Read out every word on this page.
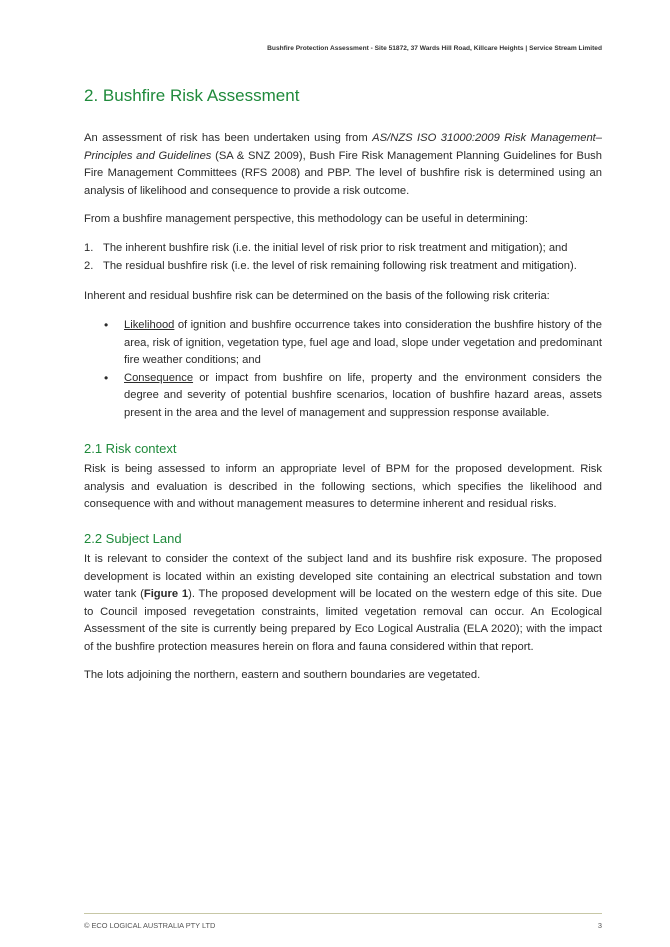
Bushfire Protection Assessment - Site 51872, 37 Wards Hill Road, Killcare Heights | Service Stream Limited
2. Bushfire Risk Assessment

An assessment of risk has been undertaken using from AS/NZS ISO 31000:2009 Risk Management–Principles and Guidelines (SA & SNZ 2009), Bush Fire Risk Management Planning Guidelines for Bush Fire Management Committees (RFS 2008) and PBP. The level of bushfire risk is determined using an analysis of likelihood and consequence to provide a risk outcome.

From a bushfire management perspective, this methodology can be useful in determining:

1. The inherent bushfire risk (i.e. the initial level of risk prior to risk treatment and mitigation); and
2. The residual bushfire risk (i.e. the level of risk remaining following risk treatment and mitigation).

Inherent and residual bushfire risk can be determined on the basis of the following risk criteria:

•	Likelihood of ignition and bushfire occurrence takes into consideration the bushfire history of the area, risk of ignition, vegetation type, fuel age and load, slope under vegetation and predominant fire weather conditions; and
•	Consequence or impact from bushfire on life, property and the environment considers the degree and severity of potential bushfire scenarios, location of bushfire hazard areas, assets present in the area and the level of management and suppression response available.
2.1 Risk context

Risk is being assessed to inform an appropriate level of BPM for the proposed development. Risk analysis and evaluation is described in the following sections, which specifies the likelihood and consequence with and without management measures to determine inherent and residual risks.

2.2 Subject Land

It is relevant to consider the context of the subject land and its bushfire risk exposure. The proposed development is located within an existing developed site containing an electrical substation and town water tank (Figure 1). The proposed development will be located on the western edge of this site. Due to Council imposed revegetation constraints, limited vegetation removal can occur. An Ecological Assessment of the site is currently being prepared by Eco Logical Australia (ELA 2020); with the impact of the bushfire protection measures herein on flora and fauna considered within that report.

The lots adjoining the northern, eastern and southern boundaries are vegetated.

© ECO LOGICAL AUSTRALIA PTY LTD	3
